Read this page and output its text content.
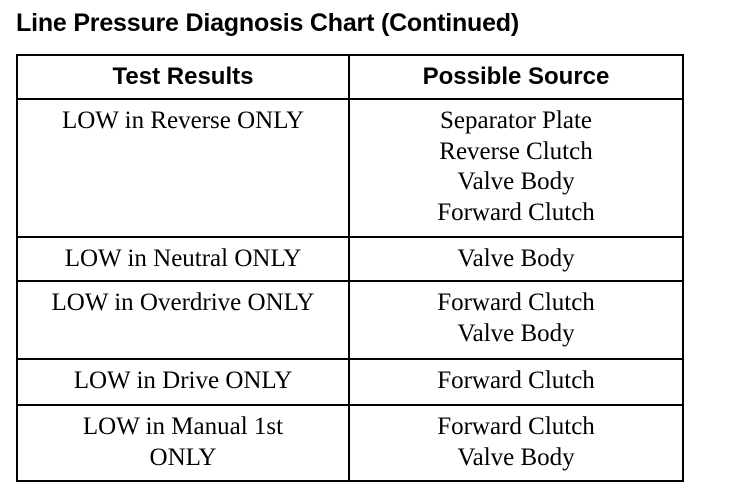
Line Pressure Diagnosis Chart (Continued)
Test Results	Possible Source

LOW in Reverse ONLY	Separator Plate
Reverse Clutch
Valve Body
Forward Clutch

LOW in Neutral ONLY	Valve Body

LOW in Overdrive ONLY	Forward Clutch
Valve Body

LOW in Drive ONLY	Forward Clutch

LOW in Manual 1st
ONLY	Forward Clutch
Valve Body
